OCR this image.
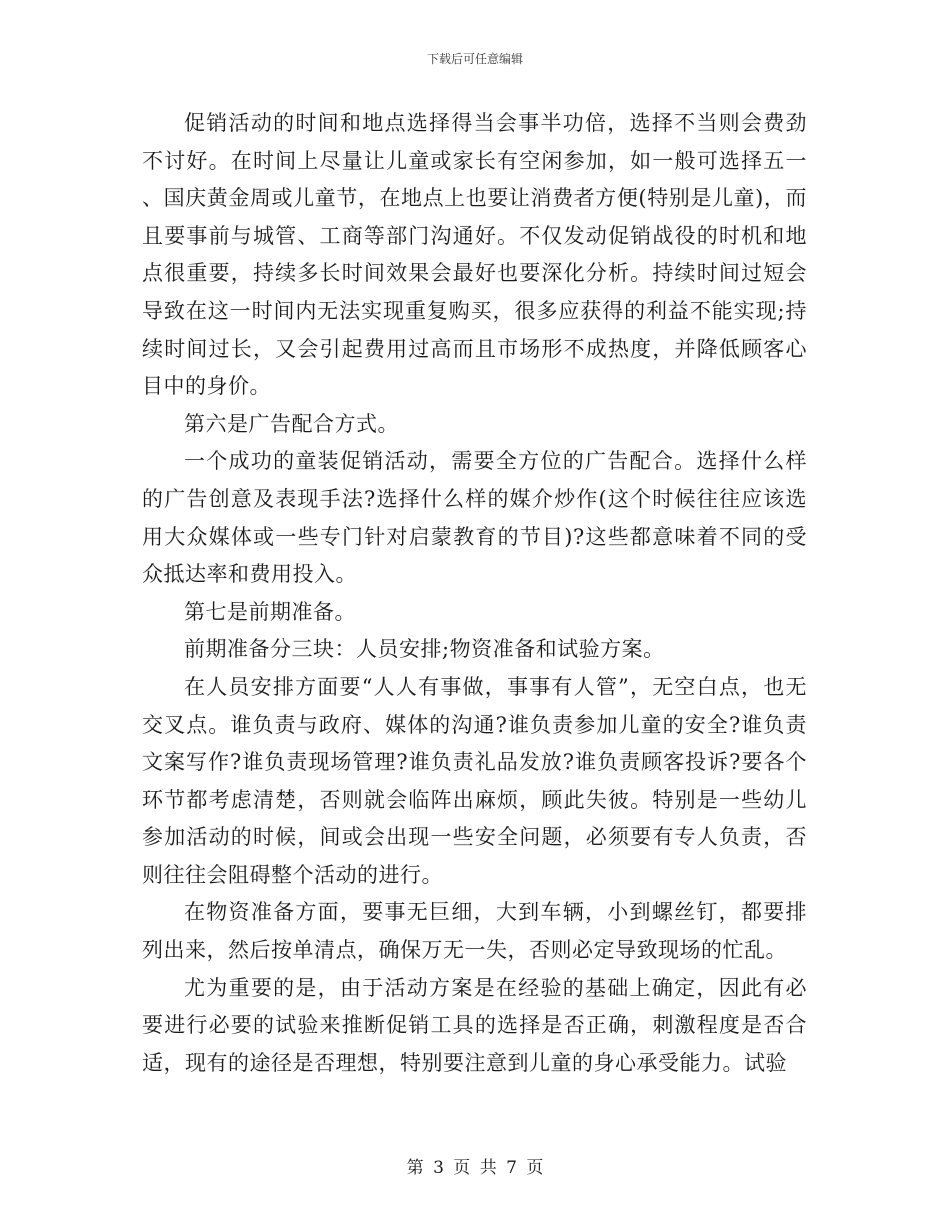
下载后可任意编辑

促销活动的时间和地点选择得当会事半功倍，选择不当则会费劲不讨好。在时间上尽量让儿童或家长有空闲参加，如一般可选择五一、国庆黄金周或儿童节，在地点上也要让消费者方便(特别是儿童)，而且要事前与城管、工商等部门沟通好。不仅发动促销战役的时机和地点很重要，持续多长时间效果会最好也要深化分析。持续时间过短会导致在这一时间内无法实现重复购买，很多应获得的利益不能实现;持续时间过长，又会引起费用过高而且市场形不成热度，并降低顾客心目中的身价。

第六是广告配合方式。

一个成功的童装促销活动，需要全方位的广告配合。选择什么样的广告创意及表现手法?选择什么样的媒介炒作(这个时候往往应该选用大众媒体或一些专门针对启蒙教育的节目)?这些都意味着不同的受众抵达率和费用投入。

第七是前期准备。

前期准备分三块：人员安排;物资准备和试验方案。

在人员安排方面要“人人有事做，事事有人管”，无空白点，也无交叉点。谁负责与政府、媒体的沟通?谁负责参加儿童的安全?谁负责文案写作?谁负责现场管理?谁负责礼品发放?谁负责顾客投诉?要各个环节都考虑清楚，否则就会临阵出麻烦，顾此失彼。特别是一些幼儿参加活动的时候，间或会出现一些安全问题，必须要有专人负责，否则往往会阻碍整个活动的进行。

在物资准备方面，要事无巨细，大到车辆，小到螺丝钉，都要排列出来，然后按单清点，确保万无一失，否则必定导致现场的忙乱。

尤为重要的是，由于活动方案是在经验的基础上确定，因此有必要进行必要的试验来推断促销工具的选择是否正确，刺激程度是否合适，现有的途径是否理想，特别要注意到儿童的身心承受能力。试验

第 3 页 共 7 页
